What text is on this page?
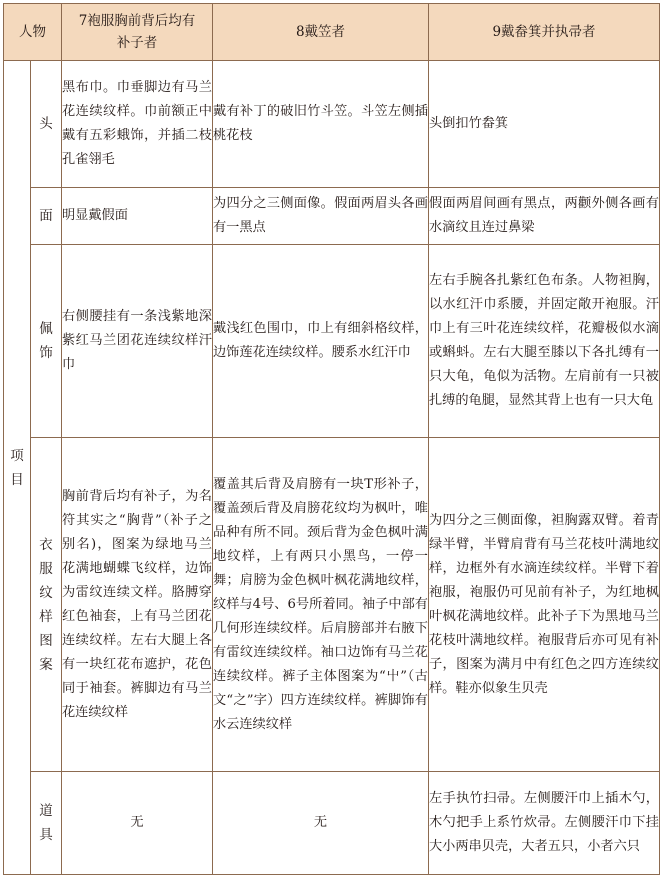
人物		7袍服胸前背后均有补子者	8戴笠者	9戴畚箕并执帚者
项目	头	黑布巾。巾垂脚边有马兰花连续纹样。巾前额正中戴有五彩蛾饰，并插二枝孔雀翎毛	戴有补丁的破旧竹斗笠。斗笠左侧插桃花枝	头倒扣竹畚箕
	面	明显戴假面	为四分之三侧面像。假面两眉头各画有一黑点	假面两眉间画有黑点，两颧外侧各画有水滴纹且连过鼻梁
	佩饰	右侧腰挂有一条浅紫地深紫红马兰团花连续纹样汗巾	戴浅红色围巾，巾上有细斜格纹样，边饰莲花连续纹样。腰系水红汗巾	左右手腕各扎紫红色布条。人物袒胸，以水红汗巾系腰，并固定敞开袍服。汗巾上有三叶花连续纹样，花瓣极似水滴或蝌蚪。左右大腿至膝以下各扎缚有一只大龟，龟似为活物。左肩前有一只被扎缚的龟腿，显然其背上也有一只大龟
	衣服纹样图案	胸前背后均有补子，为名符其实之“胸背”（补子之别名)，图案为绿地马兰花满地蝴蝶飞纹样，边饰为雷纹连续文样。胳膊穿红色袖套，上有马兰团花连续纹样。左右大腿上各有一块红花布遮护，花色同于袖套。裤脚边有马兰花连续纹样	覆盖其后背及肩膀有一块T形补子，覆盖颈后背及肩膀花纹均为枫叶，唯品种有所不同。颈后背为金色枫叶满地纹样，上有两只小黑鸟，一停一舞；肩膀为金色枫叶枫花满地纹样，纹样与4号、6号所着同。袖子中部有几何形连续纹样。后肩膀部并右腋下有雷纹连续纹样。袖口边饰有马兰花连续纹样。裤子主体图案为“屮”（古文“之”字）四方连续纹样。裤脚饰有水云连续纹样	为四分之三侧面像，袒胸露双臂。着青绿半臂，半臂肩背有马兰花枝叶满地纹样，边框外有水滴连续纹样。半臂下着袍服，袍服仍可见前有补子，为红地枫叶枫花满地纹样。此补子下为黑地马兰花枝叶满地纹样。袍服背后亦可见有补子，图案为满月中有红色之四方连续纹样。鞋亦似象生贝壳
	道具	无	无	左手执竹扫帚。左侧腰汗巾上插木勺，木勺把手上系竹炊帚。左侧腰汗巾下挂大小两串贝壳，大者五只，小者六只
